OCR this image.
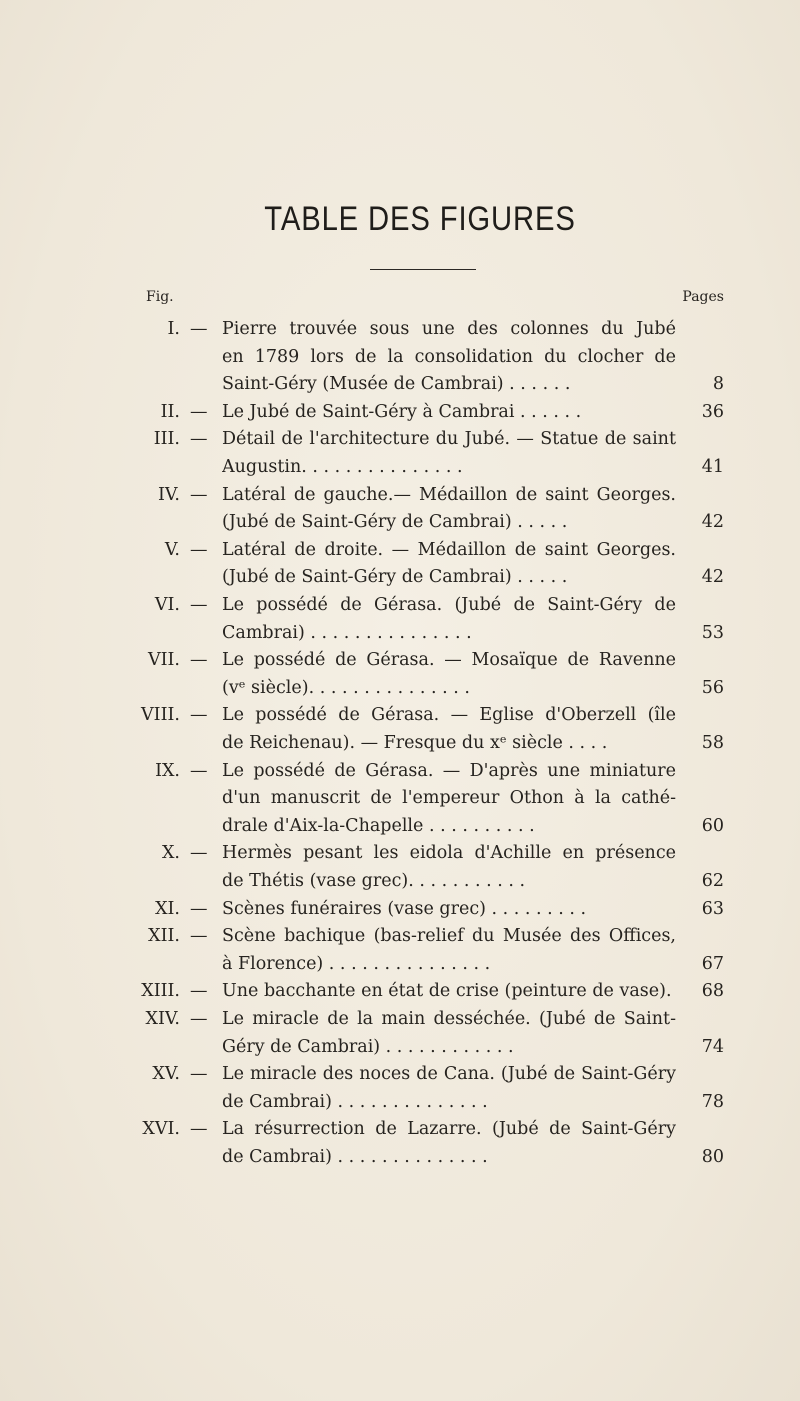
TABLE DES FIGURES
Fig.	Pages
I. — Pierre trouvée sous une des colonnes du Jubé
en 1789 lors de la consolidation du clocher de
Saint-Géry (Musée de Cambrai) . . . . . .	8
II. — Le Jubé de Saint-Géry à Cambrai . . . . . .	36
III. — Détail de l'architecture du Jubé. — Statue de saint
Augustin. . . . . . . . . . . . . . .	41
IV. — Latéral de gauche.— Médaillon de saint Georges.
(Jubé de Saint-Géry de Cambrai) . . . . .	42
V. — Latéral de droite. — Médaillon de saint Georges.
(Jubé de Saint-Géry de Cambrai) . . . . .	42
VI. — Le possédé de Gérasa. (Jubé de Saint-Géry de
Cambrai) . . . . . . . . . . . . . . .	53
VII. — Le possédé de Gérasa. — Mosaïque de Ravenne
(vᵉ siècle). . . . . . . . . . . . . . .	56
VIII. — Le possédé de Gérasa. — Eglise d'Oberzell (île
de Reichenau). — Fresque du xᵉ siècle . . . .	58
IX. — Le possédé de Gérasa. — D'après une miniature
d'un manuscrit de l'empereur Othon à la cathé-
drale d'Aix-la-Chapelle . . . . . . . . . .	60
X. — Hermès pesant les eidola d'Achille en présence
de Thétis (vase grec). . . . . . . . . . .	62
XI. — Scènes funéraires (vase grec) . . . . . . . . .	63
XII. — Scène bachique (bas-relief du Musée des Offices,
à Florence) . . . . . . . . . . . . . . .	67
XIII. — Une bacchante en état de crise (peinture de vase). 68
XIV. — Le miracle de la main desséchée. (Jubé de Saint-
Géry de Cambrai) . . . . . . . . . . . .	74
XV. — Le miracle des noces de Cana. (Jubé de Saint-Géry
de Cambrai) . . . . . . . . . . . . . .	78
XVI. — La résurrection de Lazarre. (Jubé de Saint-Géry
de Cambrai) . . . . . . . . . . . . . .	80
